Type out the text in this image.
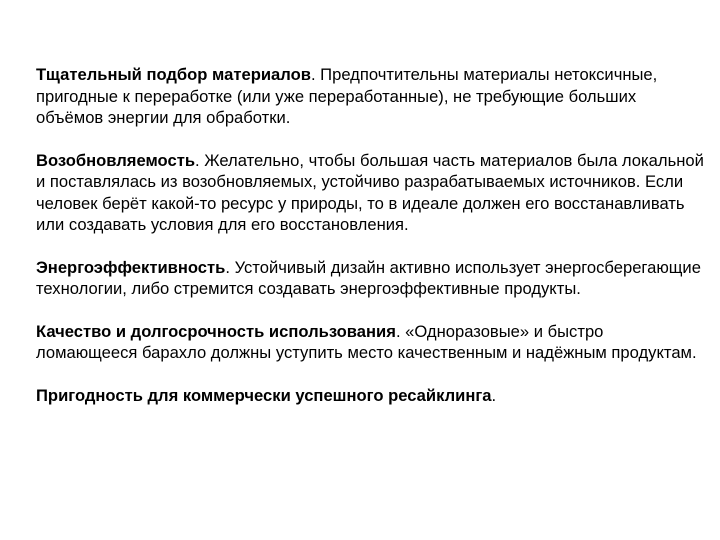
Тщательный подбор материалов. Предпочтительны материалы нетоксичные, пригодные к переработке (или уже переработанные), не требующие больших объёмов энергии для обработки.

Возобновляемость. Желательно, чтобы большая часть материалов была локальной и поставлялась из возобновляемых, устойчиво разрабатываемых источников. Если человек берёт какой-то ресурс у природы, то в идеале должен его восстанавливать или создавать условия для его восстановления.

Энергоэффективность. Устойчивый дизайн активно использует энергосберегающие технологии, либо стремится создавать энергоэффективные продукты.

Качество и долгосрочность использования. «Одноразовые» и быстро ломающееся барахло должны уступить место качественным и надёжным продуктам.

Пригодность для коммерчески успешного ресайклинга.
